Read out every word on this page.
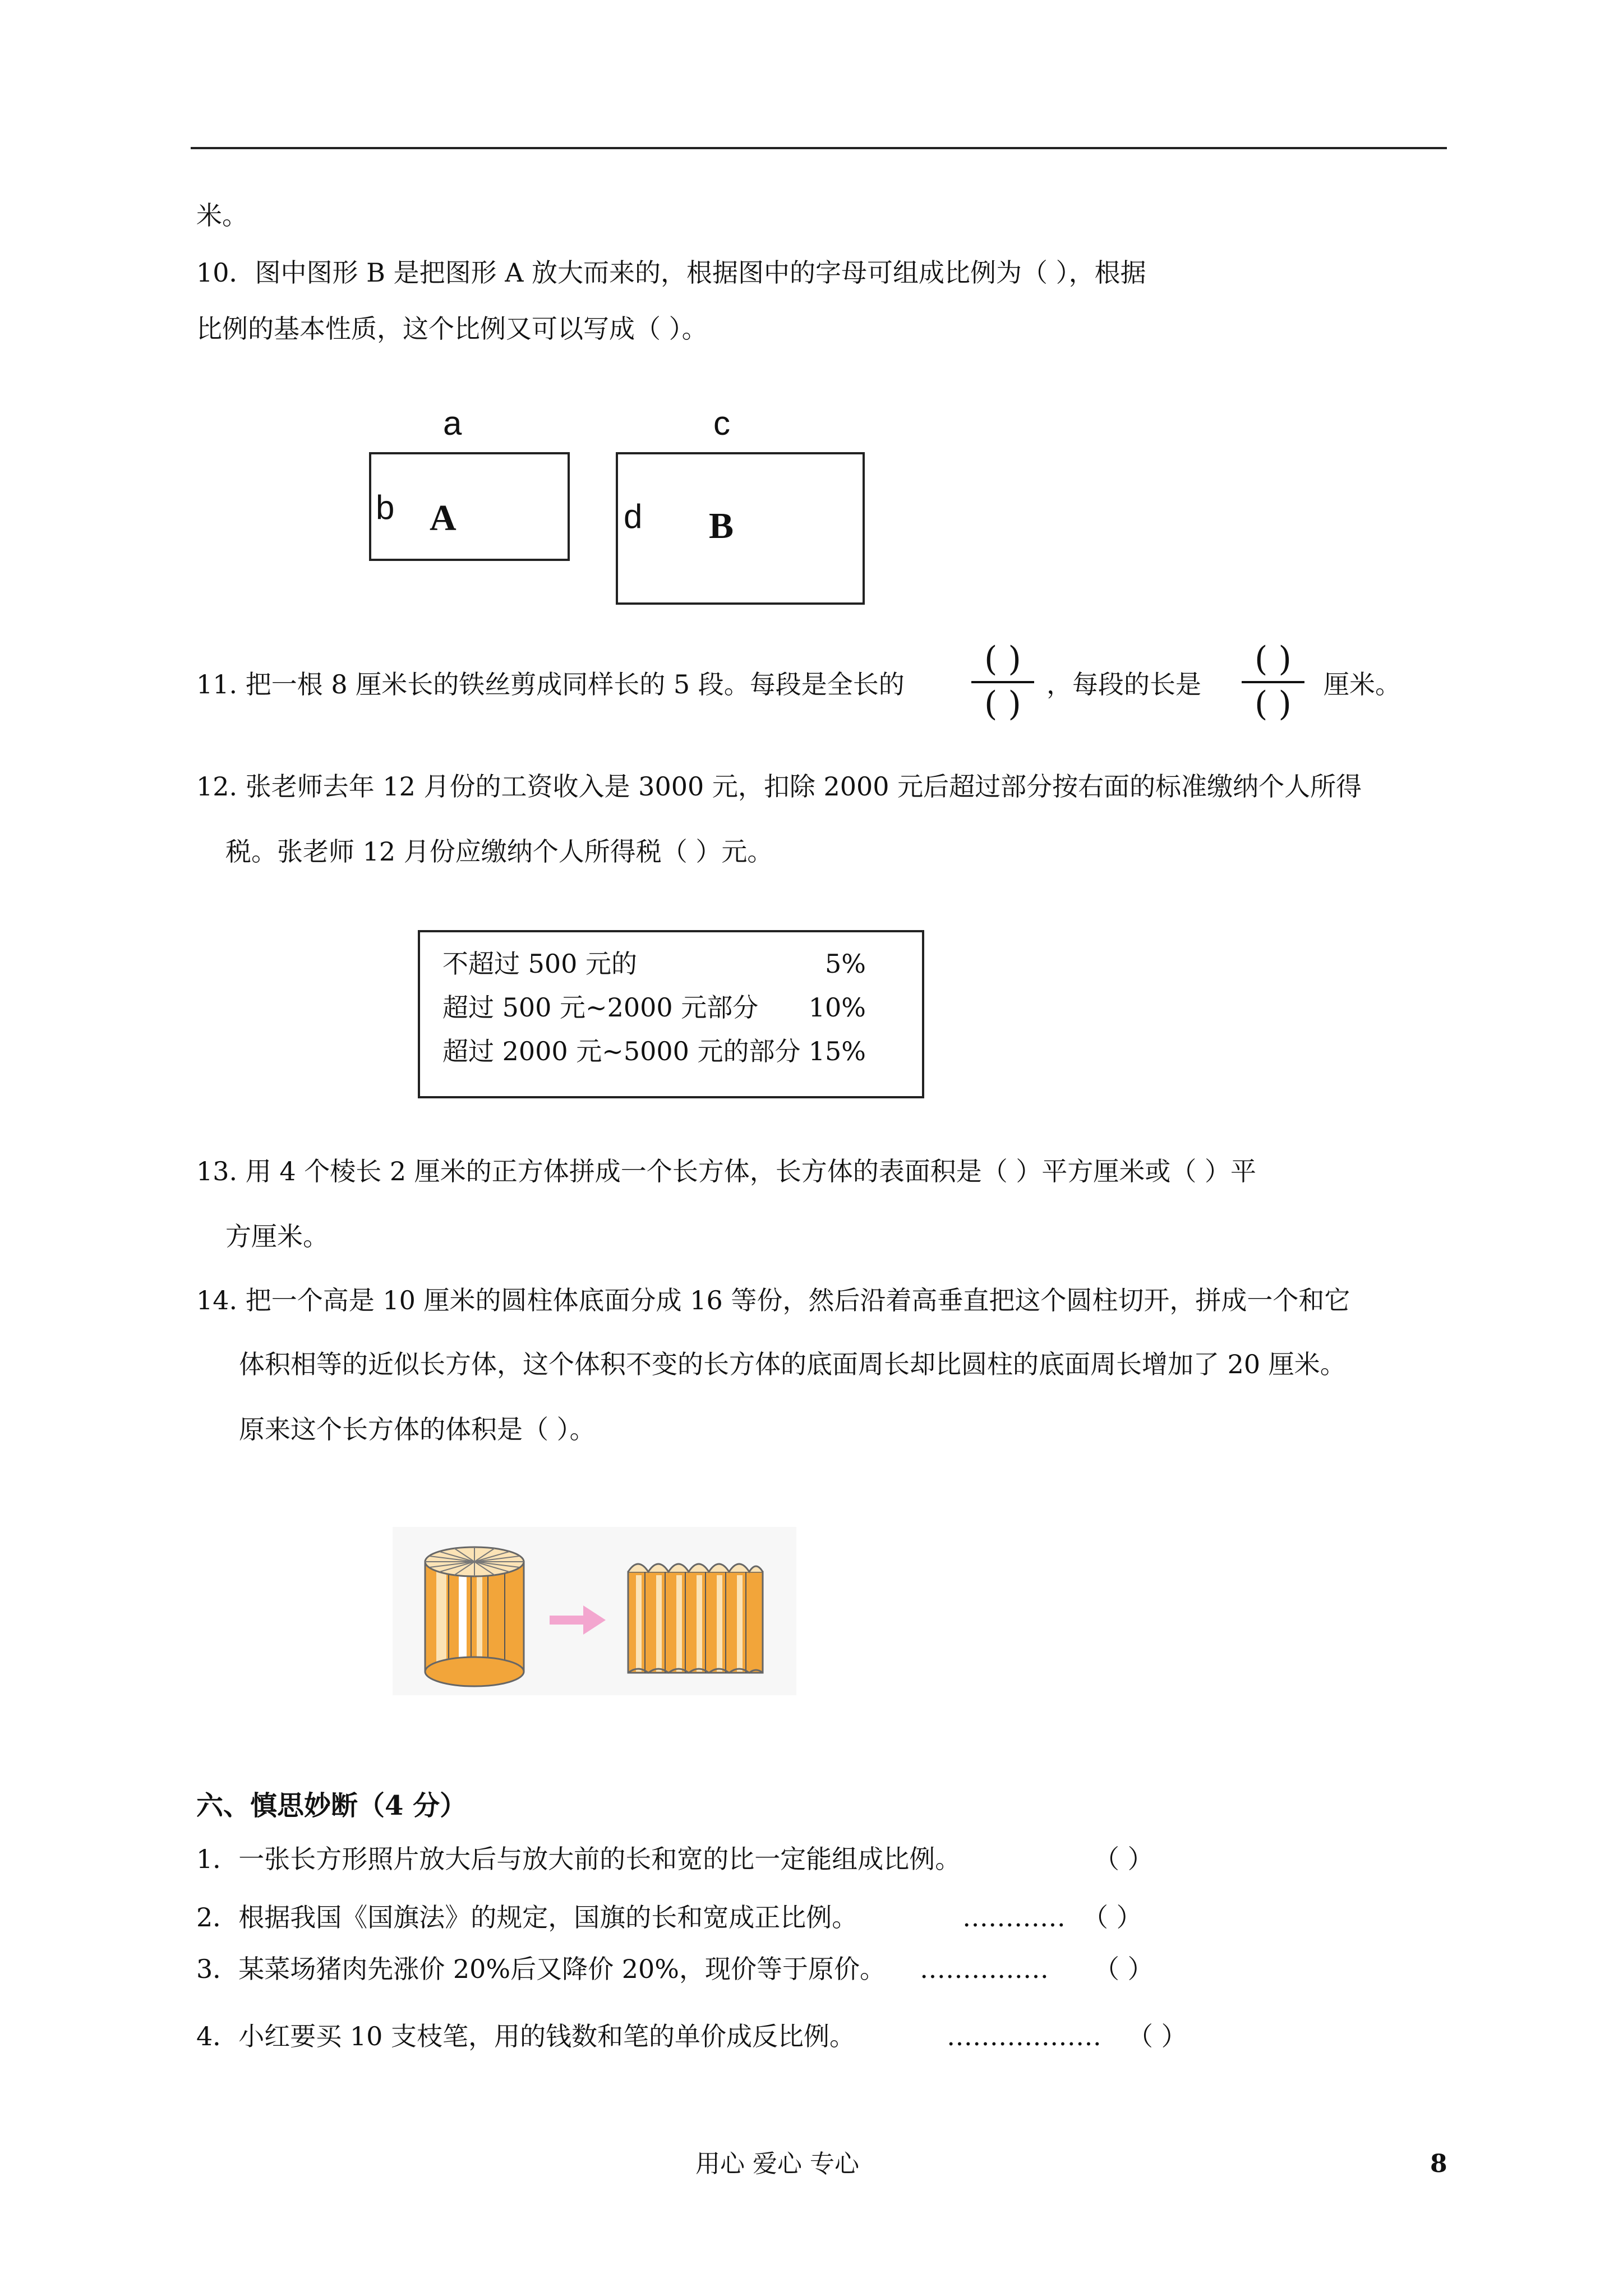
米。
10．图中图形 B 是把图形 A 放大而来的，根据图中的字母可组成比例为（ ），根据
比例的基本性质，这个比例又可以写成（ ）。
a	c
b A	d B
11. 把一根 8 厘米长的铁丝剪成同样长的 5 段。每段是全长的
( )
( ) ，每段的长是
( )
( )	厘米。
12. 张老师去年 12 月份的工资收入是 3000 元，扣除 2000 元后超过部分按右面的标准缴纳个人所得
税。张老师 12 月份应缴纳个人所得税（ ）元。
不超过 500 元的	5%
超过 500 元~2000 元部分	10%
超过 2000 元~5000 元的部分 15%
13. 用 4 个棱长 2 厘米的正方体拼成一个长方体，长方体的表面积是（ ）平方厘米或（ ）平
方厘米。
14. 把一个高是 10 厘米的圆柱体底面分成 16 等份，然后沿着高垂直把这个圆柱切开，拼成一个和它
体积相等的近似长方体，这个体积不变的长方体的底面周长却比圆柱的底面周长增加了 20 厘米。
原来这个长方体的体积是（ ）。
六、慎思妙断（4 分）
1．一张长方形照片放大后与放大前的长和宽的比一定能组成比例。	（ ）
2．根据我国《国旗法》的规定，国旗的长和宽成正比例。	………… （ ）
3．某菜场猪肉先涨价 20%后又降价 20%，现价等于原价。 …………… （ ）
4．小红要买 10 支枝笔，用的钱数和笔的单价成反比例。	……………… （ ）
用心 爱心 专心	8
